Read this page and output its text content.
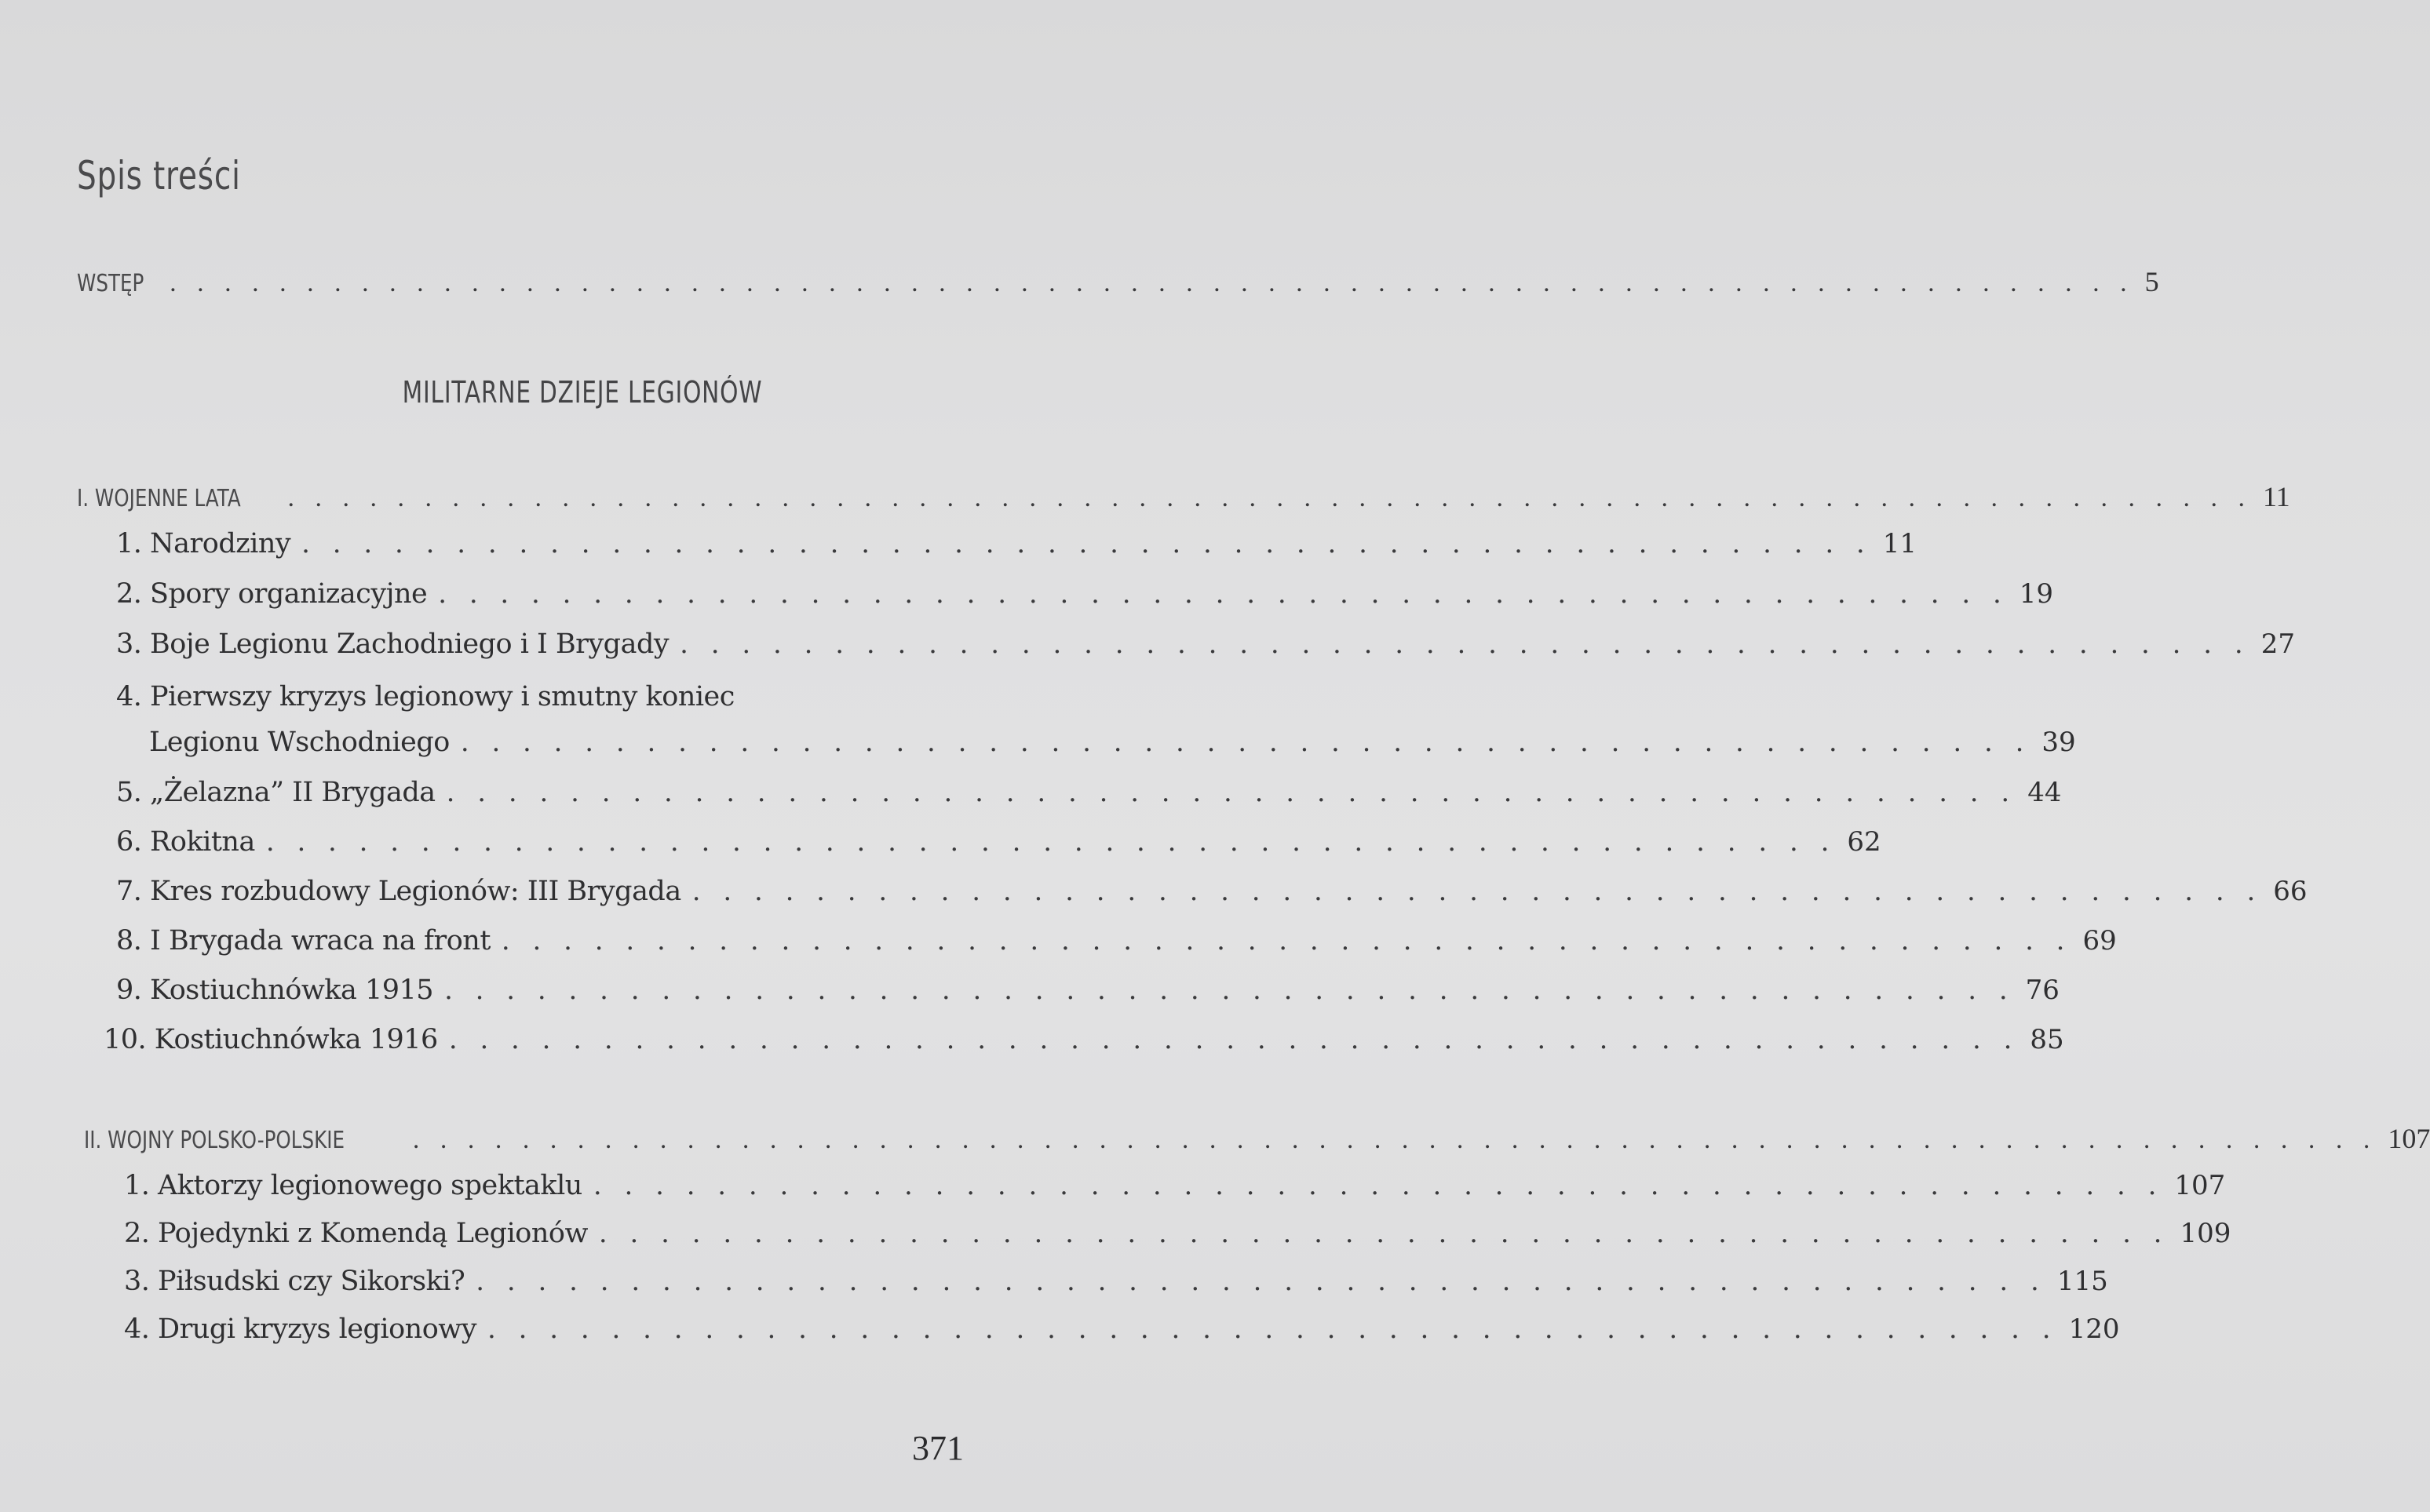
Spis treści
WSTĘP . . . . . . . . . . . . . . . . . . . . . . . . . . . . . . . . . . . . . . . . . . . . . . . . . . . . . . . . . . . . . . . . . . . . . . . . 5
MILITARNE DZIEJE LEGIONÓW
I. WOJENNE LATA . . . . . . . . . . . . . . . . . . . . . . . . . . . . . . . . . . . . . . . . . . . . . . . . . . . . . . . . . . . . . . . . . . . . . . . . 11
1. Narodziny . . . . . . . . . . . . . . . . . . . . . . . . . . . . . . . . . . . . . . . . . . . . . . . . . . . 11
2. Spory organizacyjne . . . . . . . . . . . . . . . . . . . . . . . . . . . . . . . . . . . . . . . . . . . . . . . . . . . 19
3. Boje Legionu Zachodniego i I Brygady . . . . . . . . . . . . . . . . . . . . . . . . . . . . . . . . . . . . . . . . . . . . . . . . . . . 27
4. Pierwszy kryzys legionowy i smutny koniec
Legionu Wschodniego . . . . . . . . . . . . . . . . . . . . . . . . . . . . . . . . . . . . . . . . . . . . . . . . . . . 39
5. „Żelazna” II Brygada . . . . . . . . . . . . . . . . . . . . . . . . . . . . . . . . . . . . . . . . . . . . . . . . . . . 44
6. Rokitna . . . . . . . . . . . . . . . . . . . . . . . . . . . . . . . . . . . . . . . . . . . . . . . . . . . 62
7. Kres rozbudowy Legionów: III Brygada . . . . . . . . . . . . . . . . . . . . . . . . . . . . . . . . . . . . . . . . . . . . . . . . . . . 66
8. I Brygada wraca na front . . . . . . . . . . . . . . . . . . . . . . . . . . . . . . . . . . . . . . . . . . . . . . . . . . . 69
9. Kostiuchnówka 1915 . . . . . . . . . . . . . . . . . . . . . . . . . . . . . . . . . . . . . . . . . . . . . . . . . . . 76
10. Kostiuchnówka 1916 . . . . . . . . . . . . . . . . . . . . . . . . . . . . . . . . . . . . . . . . . . . . . . . . . . . 85
II. WOJNY POLSKO-POLSKIE	. . . . . . . . . . . . . . . . . . . . . . . . . . . . . . . . . . . . . . . . . . . . . . . . . . . . . . . . . . . . . . . . . . . . . . . . 107
1. Aktorzy legionowego spektaklu . . . . . . . . . . . . . . . . . . . . . . . . . . . . . . . . . . . . . . . . . . . . . . . . . . . 107
2. Pojedynki z Komendą Legionów . . . . . . . . . . . . . . . . . . . . . . . . . . . . . . . . . . . . . . . . . . . . . . . . . . . 109
3. Piłsudski czy Sikorski? . . . . . . . . . . . . . . . . . . . . . . . . . . . . . . . . . . . . . . . . . . . . . . . . . . . 115
4. Drugi kryzys legionowy . . . . . . . . . . . . . . . . . . . . . . . . . . . . . . . . . . . . . . . . . . . . . . . . . . . 120
371
